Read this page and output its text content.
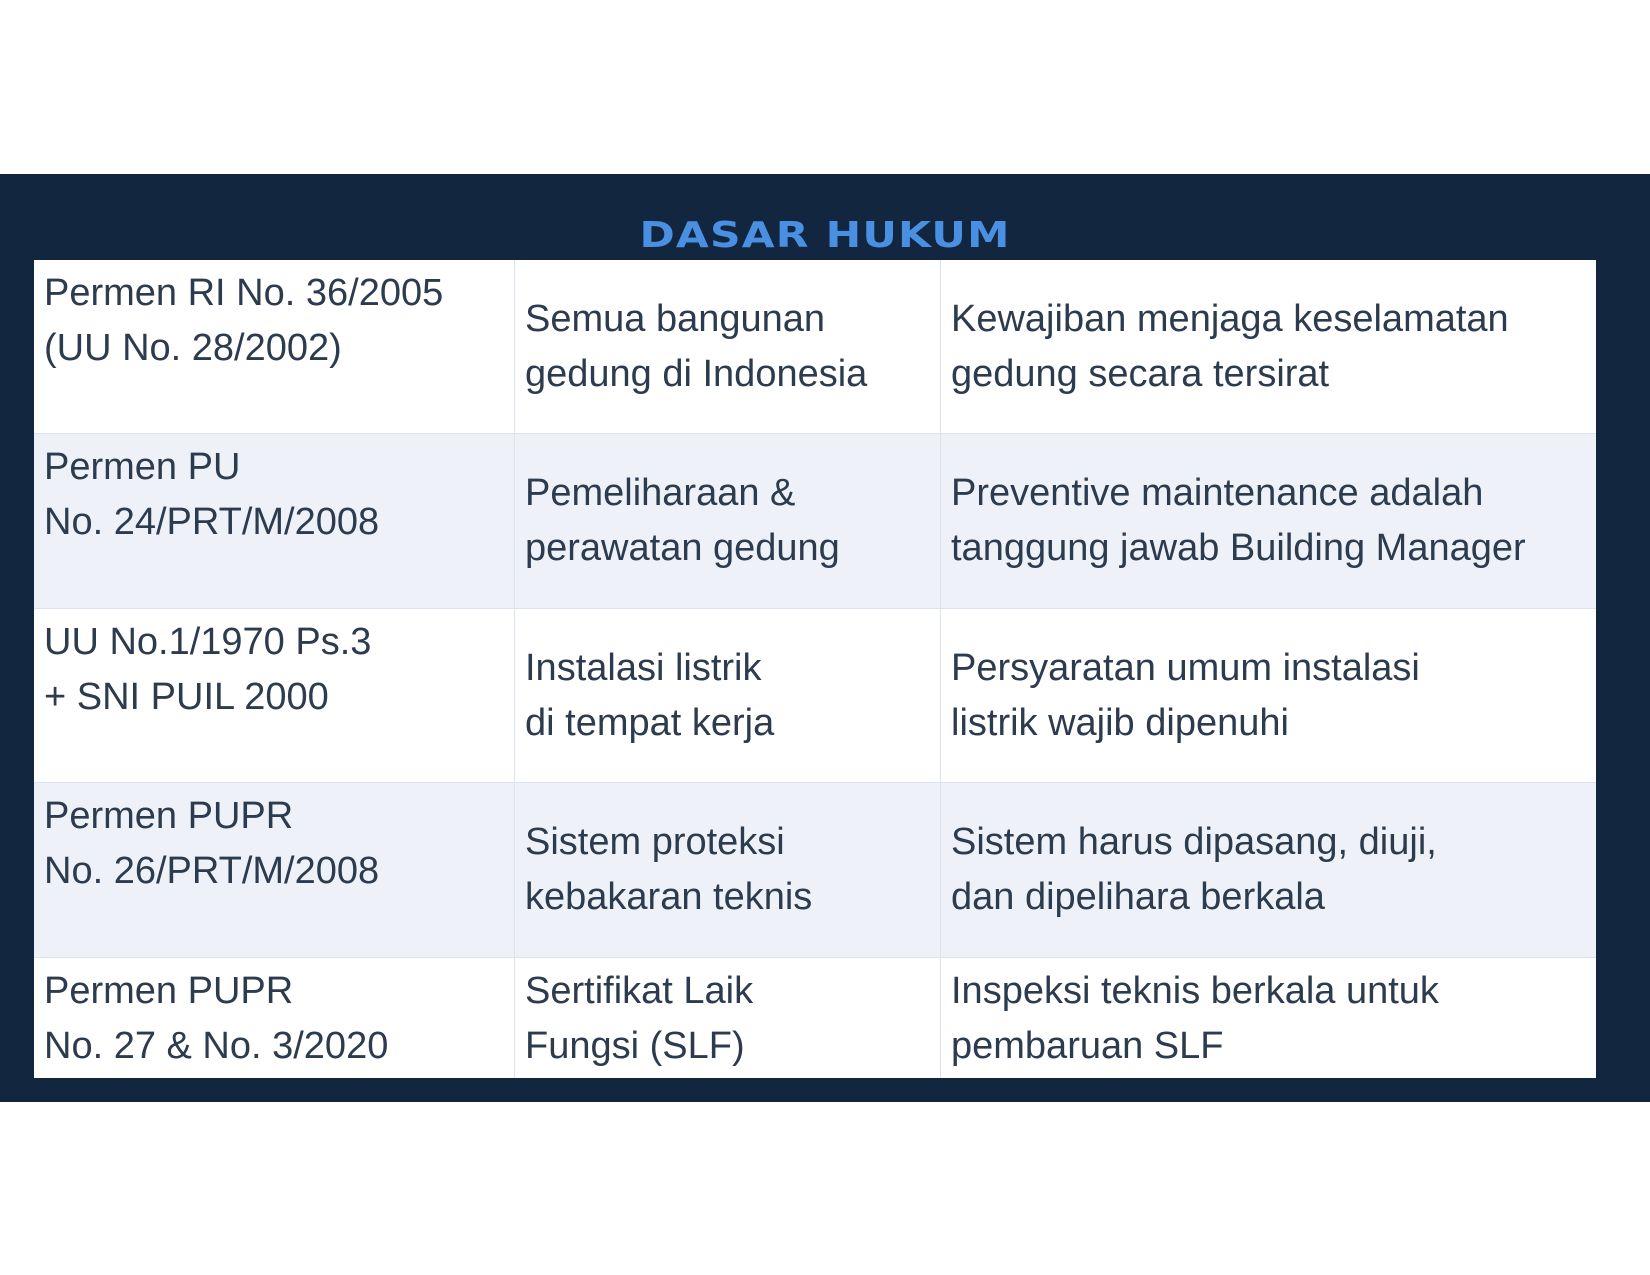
DASAR HUKUM
Permen RI No. 36/2005
(UU No. 28/2002)
Semua bangunan
gedung di Indonesia
Kewajiban menjaga keselamatan
gedung secara tersirat
Permen PU
No. 24/PRT/M/2008
Pemeliharaan &
perawatan gedung
Preventive maintenance adalah
tanggung jawab Building Manager
UU No.1/1970 Ps.3
+ SNI PUIL 2000
Instalasi listrik
di tempat kerja
Persyaratan umum instalasi
listrik wajib dipenuhi
Permen PUPR
No. 26/PRT/M/2008
Sistem proteksi
kebakaran teknis
Sistem harus dipasang, diuji,
dan dipelihara berkala
Permen PUPR
No. 27 & No. 3/2020
Sertifikat Laik
Fungsi (SLF)
Inspeksi teknis berkala untuk
pembaruan SLF
